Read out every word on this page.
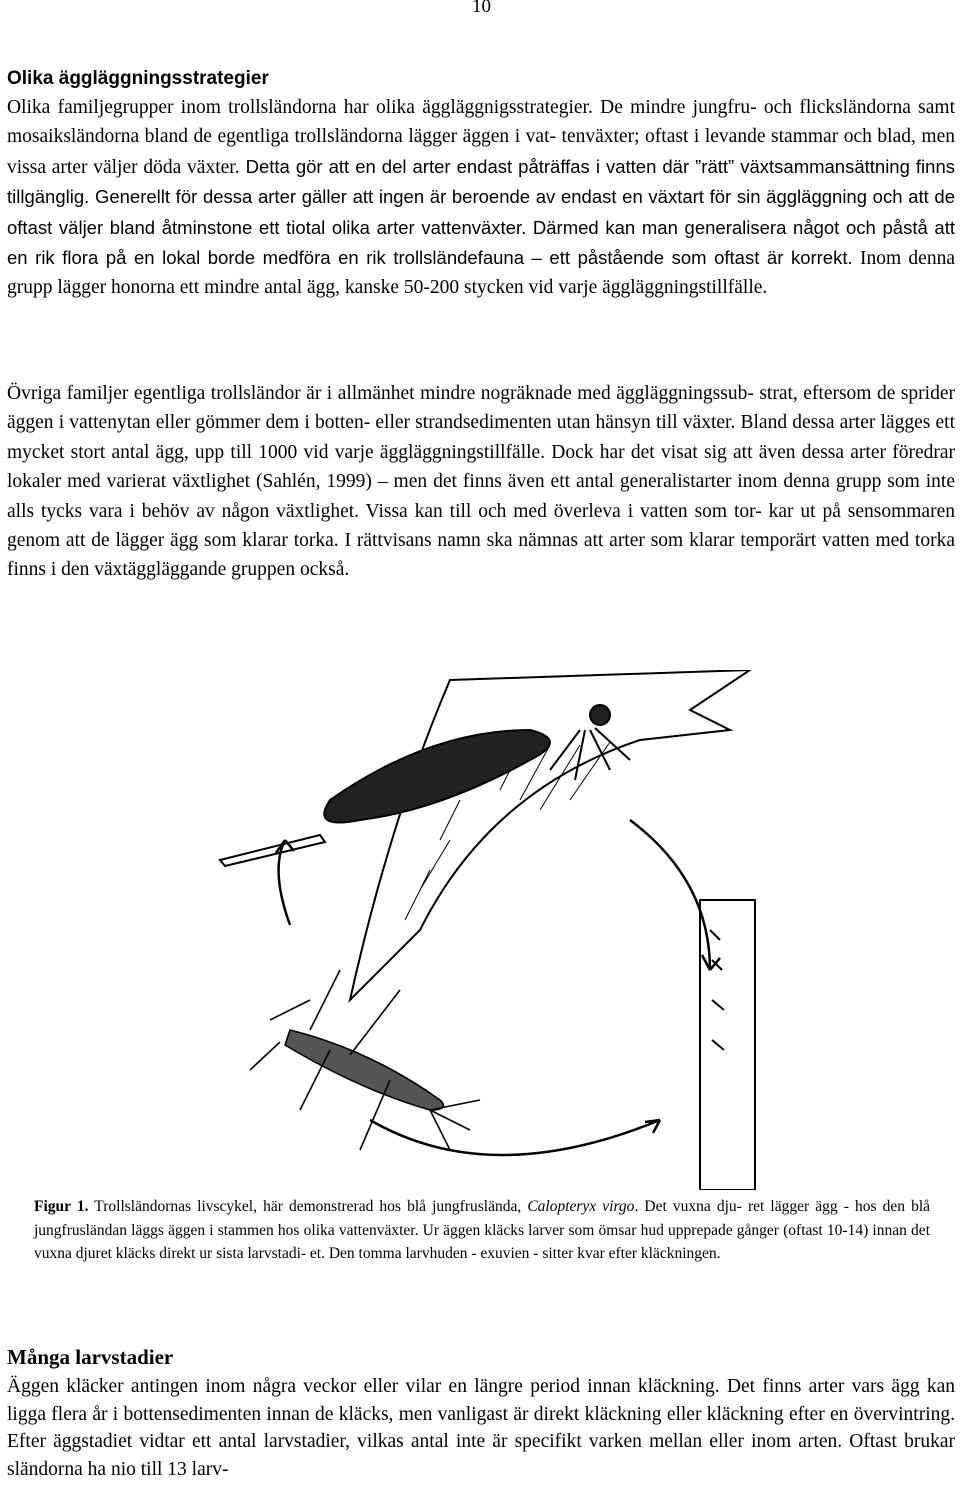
10
Olika äggläggningsstrategier
Olika familjegrupper inom trollsländorna har olika äggläggnigsstrategier. De mindre jungfru- och flicksländorna samt mosaiksländorna bland de egentliga trollsländorna lägger äggen i vat- tenväxter; oftast i levande stammar och blad, men vissa arter väljer döda växter. Detta gör att en del arter endast påträffas i vatten där ”rätt” växtsammansättning finns tillgänglig. Generellt för dessa arter gäller att ingen är beroende av endast en växtart för sin äggläggning och att de oftast väljer bland åtminstone ett tiotal olika arter vattenväxter. Därmed kan man generalisera något och påstå att en rik flora på en lokal borde medföra en rik trollsländefauna – ett påstående som oftast är korrekt. Inom denna grupp lägger honorna ett mindre antal ägg, kanske 50-200 stycken vid varje äggläggningstillfälle.
Övriga familjer egentliga trollsländor är i allmänhet mindre nogräknade med äggläggningssub- strat, eftersom de sprider äggen i vattenytan eller gömmer dem i botten- eller strandsedimenten utan hänsyn till växter. Bland dessa arter lägges ett mycket stort antal ägg, upp till 1000 vid varje äggläggningstillfälle. Dock har det visat sig att även dessa arter föredrar lokaler med varierat växtlighet (Sahlén, 1999) – men det finns även ett antal generalistarter inom denna grupp som inte alls tycks vara i behöv av någon växtlighet. Vissa kan till och med överleva i vatten som tor- kar ut på sensommaren genom att de lägger ägg som klarar torka. I rättvisans namn ska nämnas att arter som klarar temporärt vatten med torka finns i den växtäggläggande gruppen också.
Figur 1. Trollsländornas livscykel, här demonstrerad hos blå jungfrusländа, Calopteryx virgo. Det vuxna dju- ret lägger ägg - hos den blå jungfrusländan läggs äggen i stammen hos olika vattenväxter. Ur äggen kläcks larver som ömsar hud upprepade gånger (oftast 10-14) innan det vuxna djuret kläcks direkt ur sista larvstadi- et. Den tomma larvhuden - exuvien - sitter kvar efter kläckningen.
Många larvstadier
Äggen kläcker antingen inom några veckor eller vilar en längre period innan kläckning. Det finns arter vars ägg kan ligga flera år i bottensedimenten innan de kläcks, men vanligast är direkt kläckning eller kläckning efter en övervintring. Efter äggstadiet vidtar ett antal larvstadier, vilkas antal inte är specifikt varken mellan eller inom arten. Oftast brukar sländorna ha nio till 13 larv-
